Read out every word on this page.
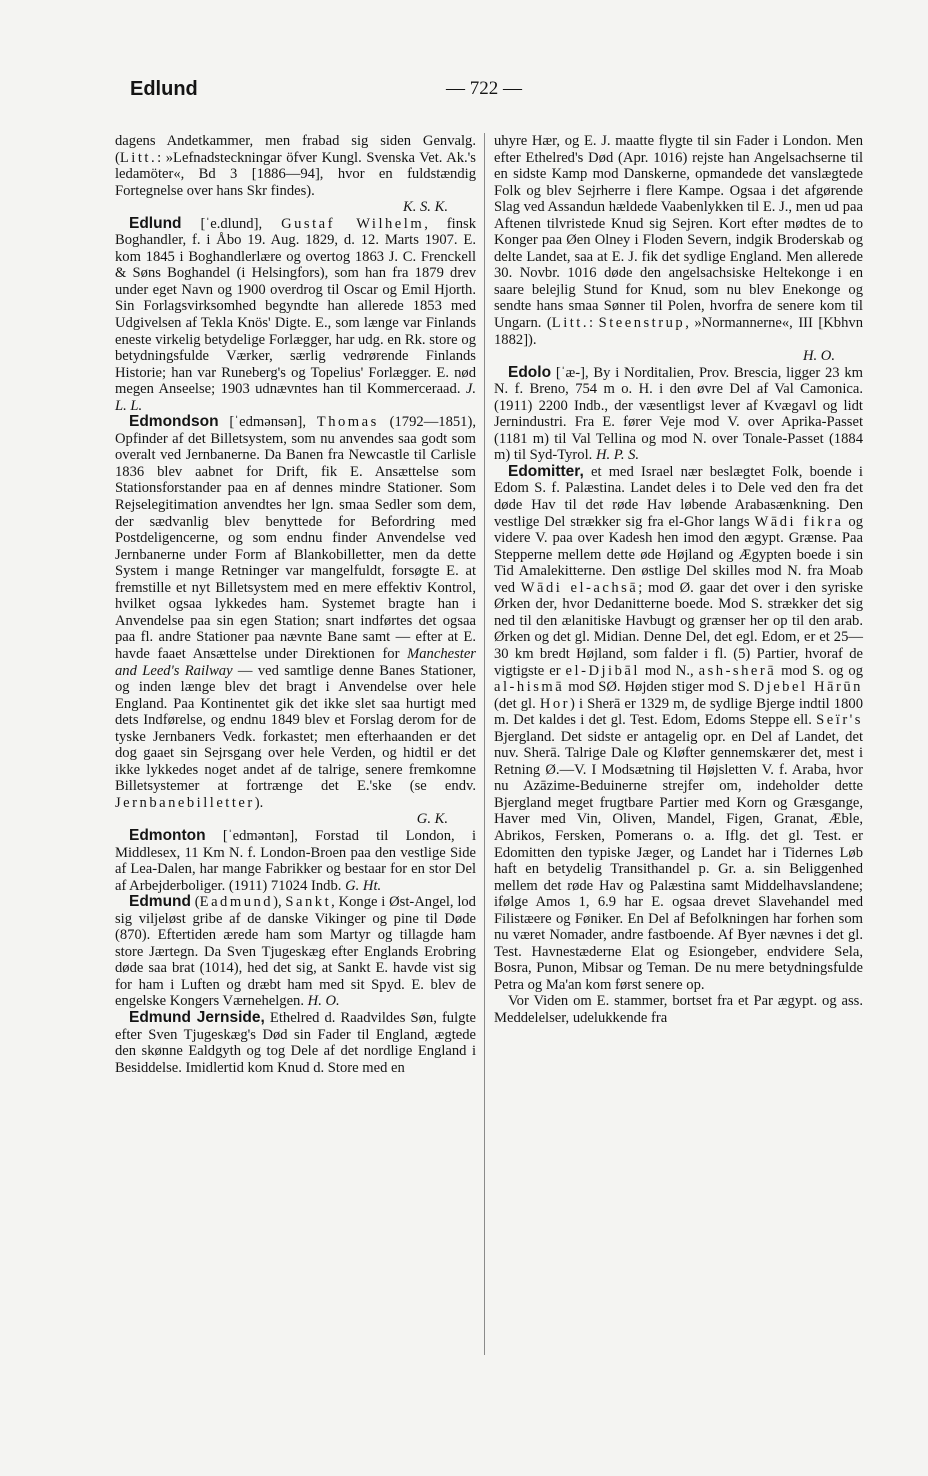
Edlund	— 722 —

dagens Andetkammer, men frabad sig siden Genvalg. (Litt.: »Lefnadsteckningar öfver Kungl. Svenska Vet. Ak.'s ledamöter«, Bd 3 [1886—94], hvor en fuldstændig Fortegnelse over hans Skr findes).
K. S. K.

Edlund [ˈe.dlund], Gustaf Wilhelm, finsk Boghandler, f. i Åbo 19. Aug. 1829, d. 12. Marts 1907. E. kom 1845 i Boghandlerlære og overtog 1863 J. C. Frenckell & Søns Boghandel (i Helsingfors), som han fra 1879 drev under eget Navn og 1900 overdrog til Oscar og Emil Hjorth. Sin Forlagsvirksomhed begyndte han allerede 1853 med Udgivelsen af Tekla Knös' Digte. E., som længe var Finlands eneste virkelig betydelige Forlægger, har udg. en Rk. store og betydningsfulde Værker, særlig vedrørende Finlands Historie; han var Runeberg's og Topelius' Forlægger. E. nød megen Anseelse; 1903 udnævntes han til Kommerceraad. J. L. L.

Edmondson [ˈedmənsən], Thomas (1792—1851), Opfinder af det Billetsystem, som nu anvendes saa godt som overalt ved Jernbanerne. Da Banen fra Newcastle til Carlisle 1836 blev aabnet for Drift, fik E. Ansættelse som Stationsforstander paa en af dennes mindre Stationer. Som Rejselegitimation anvendtes her lgn. smaa Sedler som dem, der sædvanlig blev benyttede for Befordring med Postdeligencerne, og som endnu finder Anvendelse ved Jernbanerne under Form af Blankobilletter, men da dette System i mange Retninger var mangelfuldt, forsøgte E. at fremstille et nyt Billetsystem med en mere effektiv Kontrol, hvilket ogsaa lykkedes ham. Systemet bragte han i Anvendelse paa sin egen Station; snart indførtes det ogsaa paa fl. andre Stationer paa nævnte Bane samt — efter at E. havde faaet Ansættelse under Direktionen for Manchester and Leed's Railway — ved samtlige denne Banes Stationer, og inden længe blev det bragt i Anvendelse over hele England. Paa Kontinentet gik det ikke slet saa hurtigt med dets Indførelse, og endnu 1849 blev et Forslag derom for de tyske Jernbaners Vedk. forkastet; men efterhaanden er det dog gaaet sin Sejrsgang over hele Verden, og hidtil er det ikke lykkedes noget andet af de talrige, senere fremkomne Billetsystemer at fortrænge det E.'ske (se endv. Jernbanebilletter).
G. K.

Edmonton [ˈedməntən], Forstad til London, i Middlesex, 11 Km N. f. London-Broen paa den vestlige Side af Lea-Dalen, har mange Fabrikker og bestaar for en stor Del af Arbejderboliger. (1911) 71024 Indb. G. Ht.

Edmund (Eadmund), Sankt, Konge i Øst-Angel, lod sig viljeløst gribe af de danske Vikinger og pine til Døde (870). Eftertiden ærede ham som Martyr og tillagde ham store Jærtegn. Da Sven Tjugeskæg efter Englands Erobring døde saa brat (1014), hed det sig, at Sankt E. havde vist sig for ham i Luften og dræbt ham med sit Spyd. E. blev de engelske Kongers Værnehelgen. H. O.

Edmund Jernside, Ethelred d. Raadvildes Søn, fulgte efter Sven Tjugeskæg's Død sin Fader til England, ægtede den skønne Ealdgyth og tog Dele af det nordlige England i Besiddelse. Imidlertid kom Knud d. Store med en

uhyre Hær, og E. J. maatte flygte til sin Fader i London. Men efter Ethelred's Død (Apr. 1016) rejste han Angelsachserne til en sidste Kamp mod Danskerne, opmandede det vanslægtede Folk og blev Sejrherre i flere Kampe. Ogsaa i det afgørende Slag ved Assandun hældede Vaabenlykken til E. J., men ud paa Aftenen tilvristede Knud sig Sejren. Kort efter mødtes de to Konger paa Øen Olney i Floden Severn, indgik Broderskab og delte Landet, saa at E. J. fik det sydlige England. Men allerede 30. Novbr. 1016 døde den angelsachsiske Heltekonge i en saare belejlig Stund for Knud, som nu blev Enekonge og sendte hans smaa Sønner til Polen, hvorfra de senere kom til Ungarn. (Litt.: Steenstrup, »Normannerne«, III [Kbhvn 1882]).
H. O.

Edolo [ˈæ-], By i Norditalien, Prov. Brescia, ligger 23 km N. f. Breno, 754 m o. H. i den øvre Del af Val Camonica. (1911) 2200 Indb., der væsentligst lever af Kvægavl og lidt Jernindustri. Fra E. fører Veje mod V. over Aprika-Passet (1181 m) til Val Tellina og mod N. over Tonale-Passet (1884 m) til Syd-Tyrol. H. P. S.

Edomitter, et med Israel nær beslægtet Folk, boende i Edom S. f. Palæstina. Landet deles i to Dele ved den fra det døde Hav til det røde Hav løbende Arabasænkning. Den vestlige Del strækker sig fra el-Ghor langs Wādi fikra og videre V. paa over Kadesh hen imod den ægypt. Grænse. Paa Stepperne mellem dette øde Højland og Ægypten boede i sin Tid Amalekitterne. Den østlige Del skilles mod N. fra Moab ved Wādi el-achsā; mod Ø. gaar det over i den syriske Ørken der, hvor Dedanitterne boede. Mod S. strækker det sig ned til den ælanitiske Havbugt og grænser her op til den arab. Ørken og det gl. Midian. Denne Del, det egl. Edom, er et 25—30 km bredt Højland, som falder i fl. (5) Partier, hvoraf de vigtigste er el-Djibāl mod N., ash-sherā mod S. og og al-hismā mod SØ. Højden stiger mod S. Djebel Hārūn (det gl. Hor) i Sherā er 1329 m, de sydlige Bjerge indtil 1800 m. Det kaldes i det gl. Test. Edom, Edoms Steppe ell. Seïr's Bjergland. Det sidste er antagelig opr. en Del af Landet, det nuv. Sherā. Talrige Dale og Kløfter gennemskærer det, mest i Retning Ø.—V. I Modsætning til Højsletten V. f. Araba, hvor nu Azāzime-Beduinerne strejfer om, indeholder dette Bjergland meget frugtbare Partier med Korn og Græsgange, Haver med Vin, Oliven, Mandel, Figen, Granat, Æble, Abrikos, Fersken, Pomerans o. a. Iflg. det gl. Test. er Edomitten den typiske Jæger, og Landet har i Tidernes Løb haft en betydelig Transithandel p. Gr. a. sin Beliggenhed mellem det røde Hav og Palæstina samt Middelhavslandene; ifølge Amos 1, 6.9 har E. ogsaa drevet Slavehandel med Filistæere og Føniker. En Del af Befolkningen har forhen som nu været Nomader, andre fastboende. Af Byer nævnes i det gl. Test. Havnestæderne Elat og Esiongeber, endvidere Sela, Bosra, Punon, Mibsar og Teman. De nu mere betydningsfulde Petra og Ma'an kom først senere op.

Vor Viden om E. stammer, bortset fra et Par ægypt. og ass. Meddelelser, udelukkende fra
